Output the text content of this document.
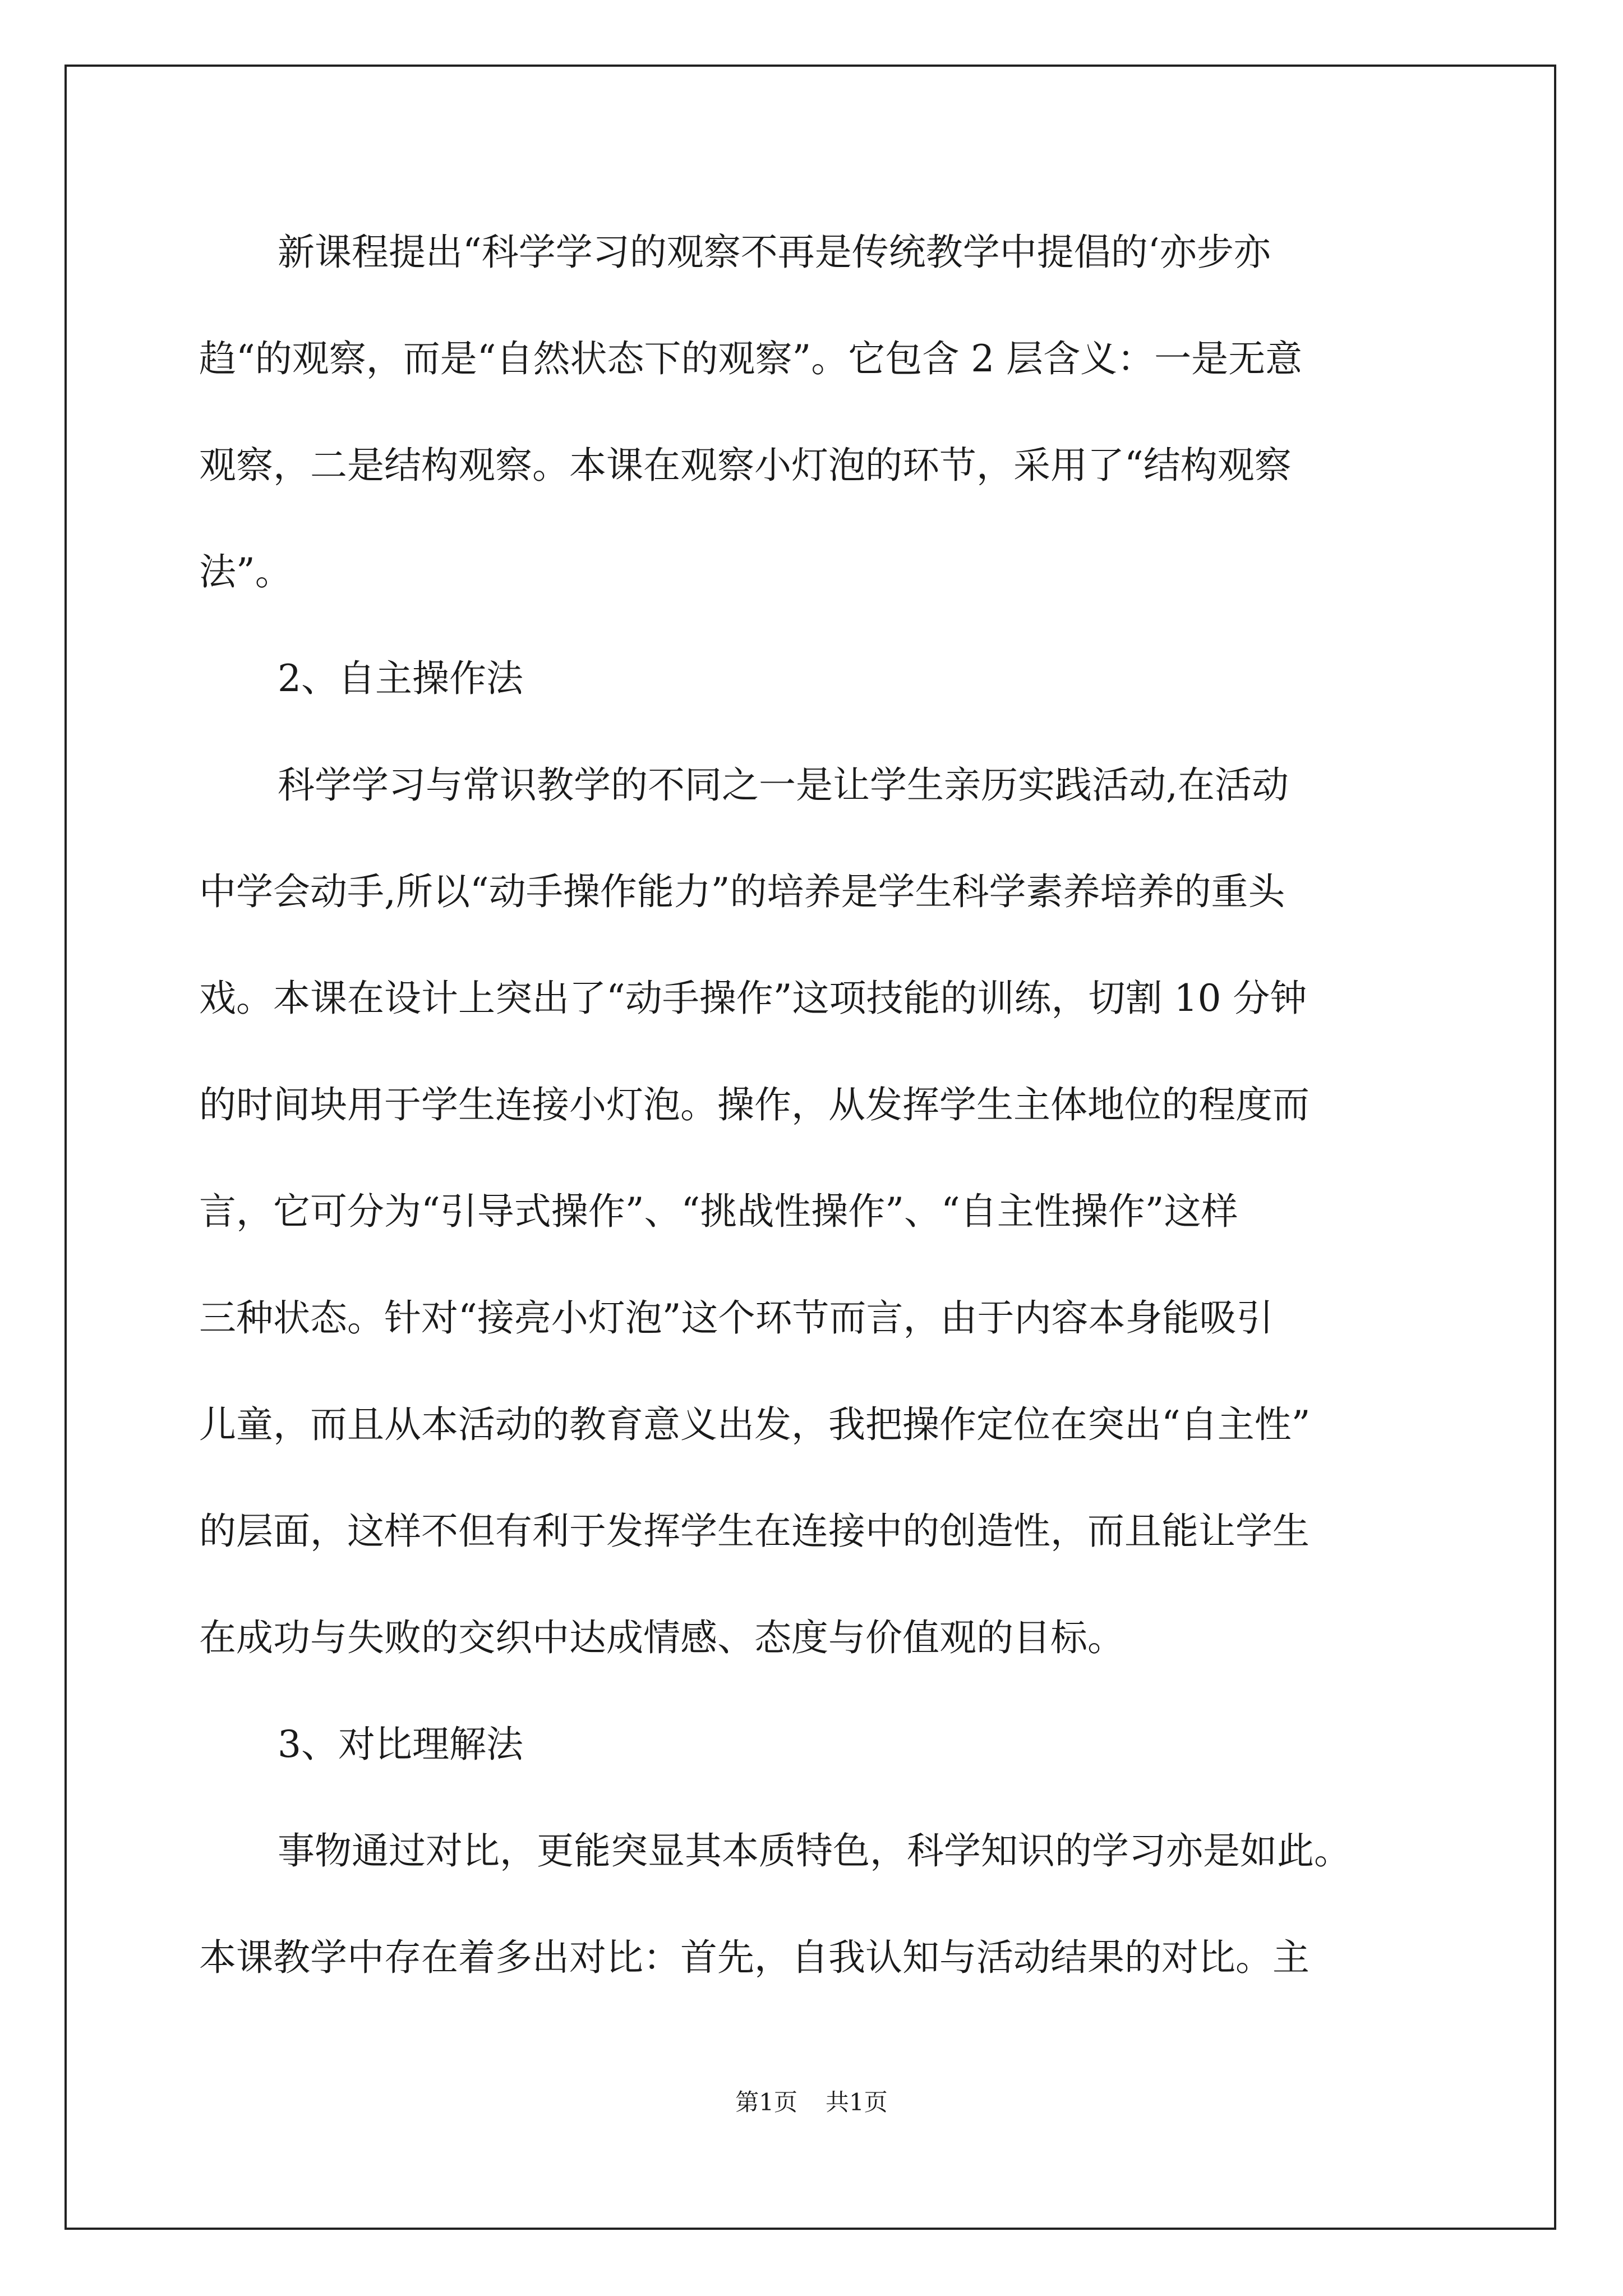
新课程提出“科学学习的观察不再是传统教学中提倡的‘亦步亦

趋“的观察，而是“自然状态下的观察”。它包含 2 层含义：一是无意

观察，二是结构观察。本课在观察小灯泡的环节，采用了“结构观察

法”。

2、自主操作法

科学学习与常识教学的不同之一是让学生亲历实践活动,在活动

中学会动手,所以“动手操作能力”的培养是学生科学素养培养的重头

戏。本课在设计上突出了“动手操作”这项技能的训练，切割 10 分钟

的时间块用于学生连接小灯泡。操作，从发挥学生主体地位的程度而

言，它可分为“引导式操作”、“挑战性操作”、“自主性操作”这样

三种状态。针对“接亮小灯泡”这个环节而言，由于内容本身能吸引

儿童，而且从本活动的教育意义出发，我把操作定位在突出“自主性”

的层面，这样不但有利于发挥学生在连接中的创造性，而且能让学生

在成功与失败的交织中达成情感、态度与价值观的目标。

3、对比理解法

事物通过对比，更能突显其本质特色，科学知识的学习亦是如此。

本课教学中存在着多出对比：首先，自我认知与活动结果的对比。主

第1页 共1页
